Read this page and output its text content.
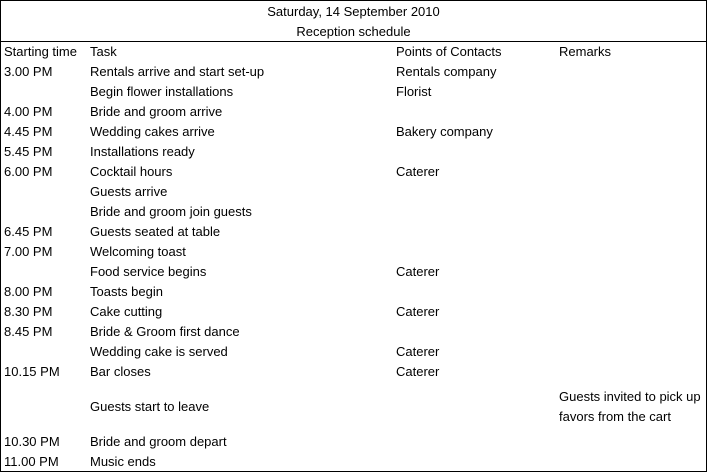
Saturday, 14 September 2010
Reception schedule
Starting time	Task	Points of Contacts	Remarks
3.00 PM	Rentals arrive and start set-up	Rentals company	
	Begin flower installations	Florist	
4.00 PM	Bride and groom arrive		
4.45 PM	Wedding cakes arrive	Bakery company	
5.45 PM	Installations ready		
6.00 PM	Cocktail hours	Caterer	
	Guests arrive		
	Bride and groom join guests		
6.45 PM	Guests seated at table		
7.00 PM	Welcoming toast		
	Food service begins	Caterer	
8.00 PM	Toasts begin		
8.30 PM	Cake cutting	Caterer	
8.45 PM	Bride & Groom first dance		
	Wedding cake is served	Caterer	
10.15 PM	Bar closes	Caterer	
	Guests start to leave		Guests invited to pick up favors from the cart
10.30 PM	Bride and groom depart		
11.00 PM	Music ends		
